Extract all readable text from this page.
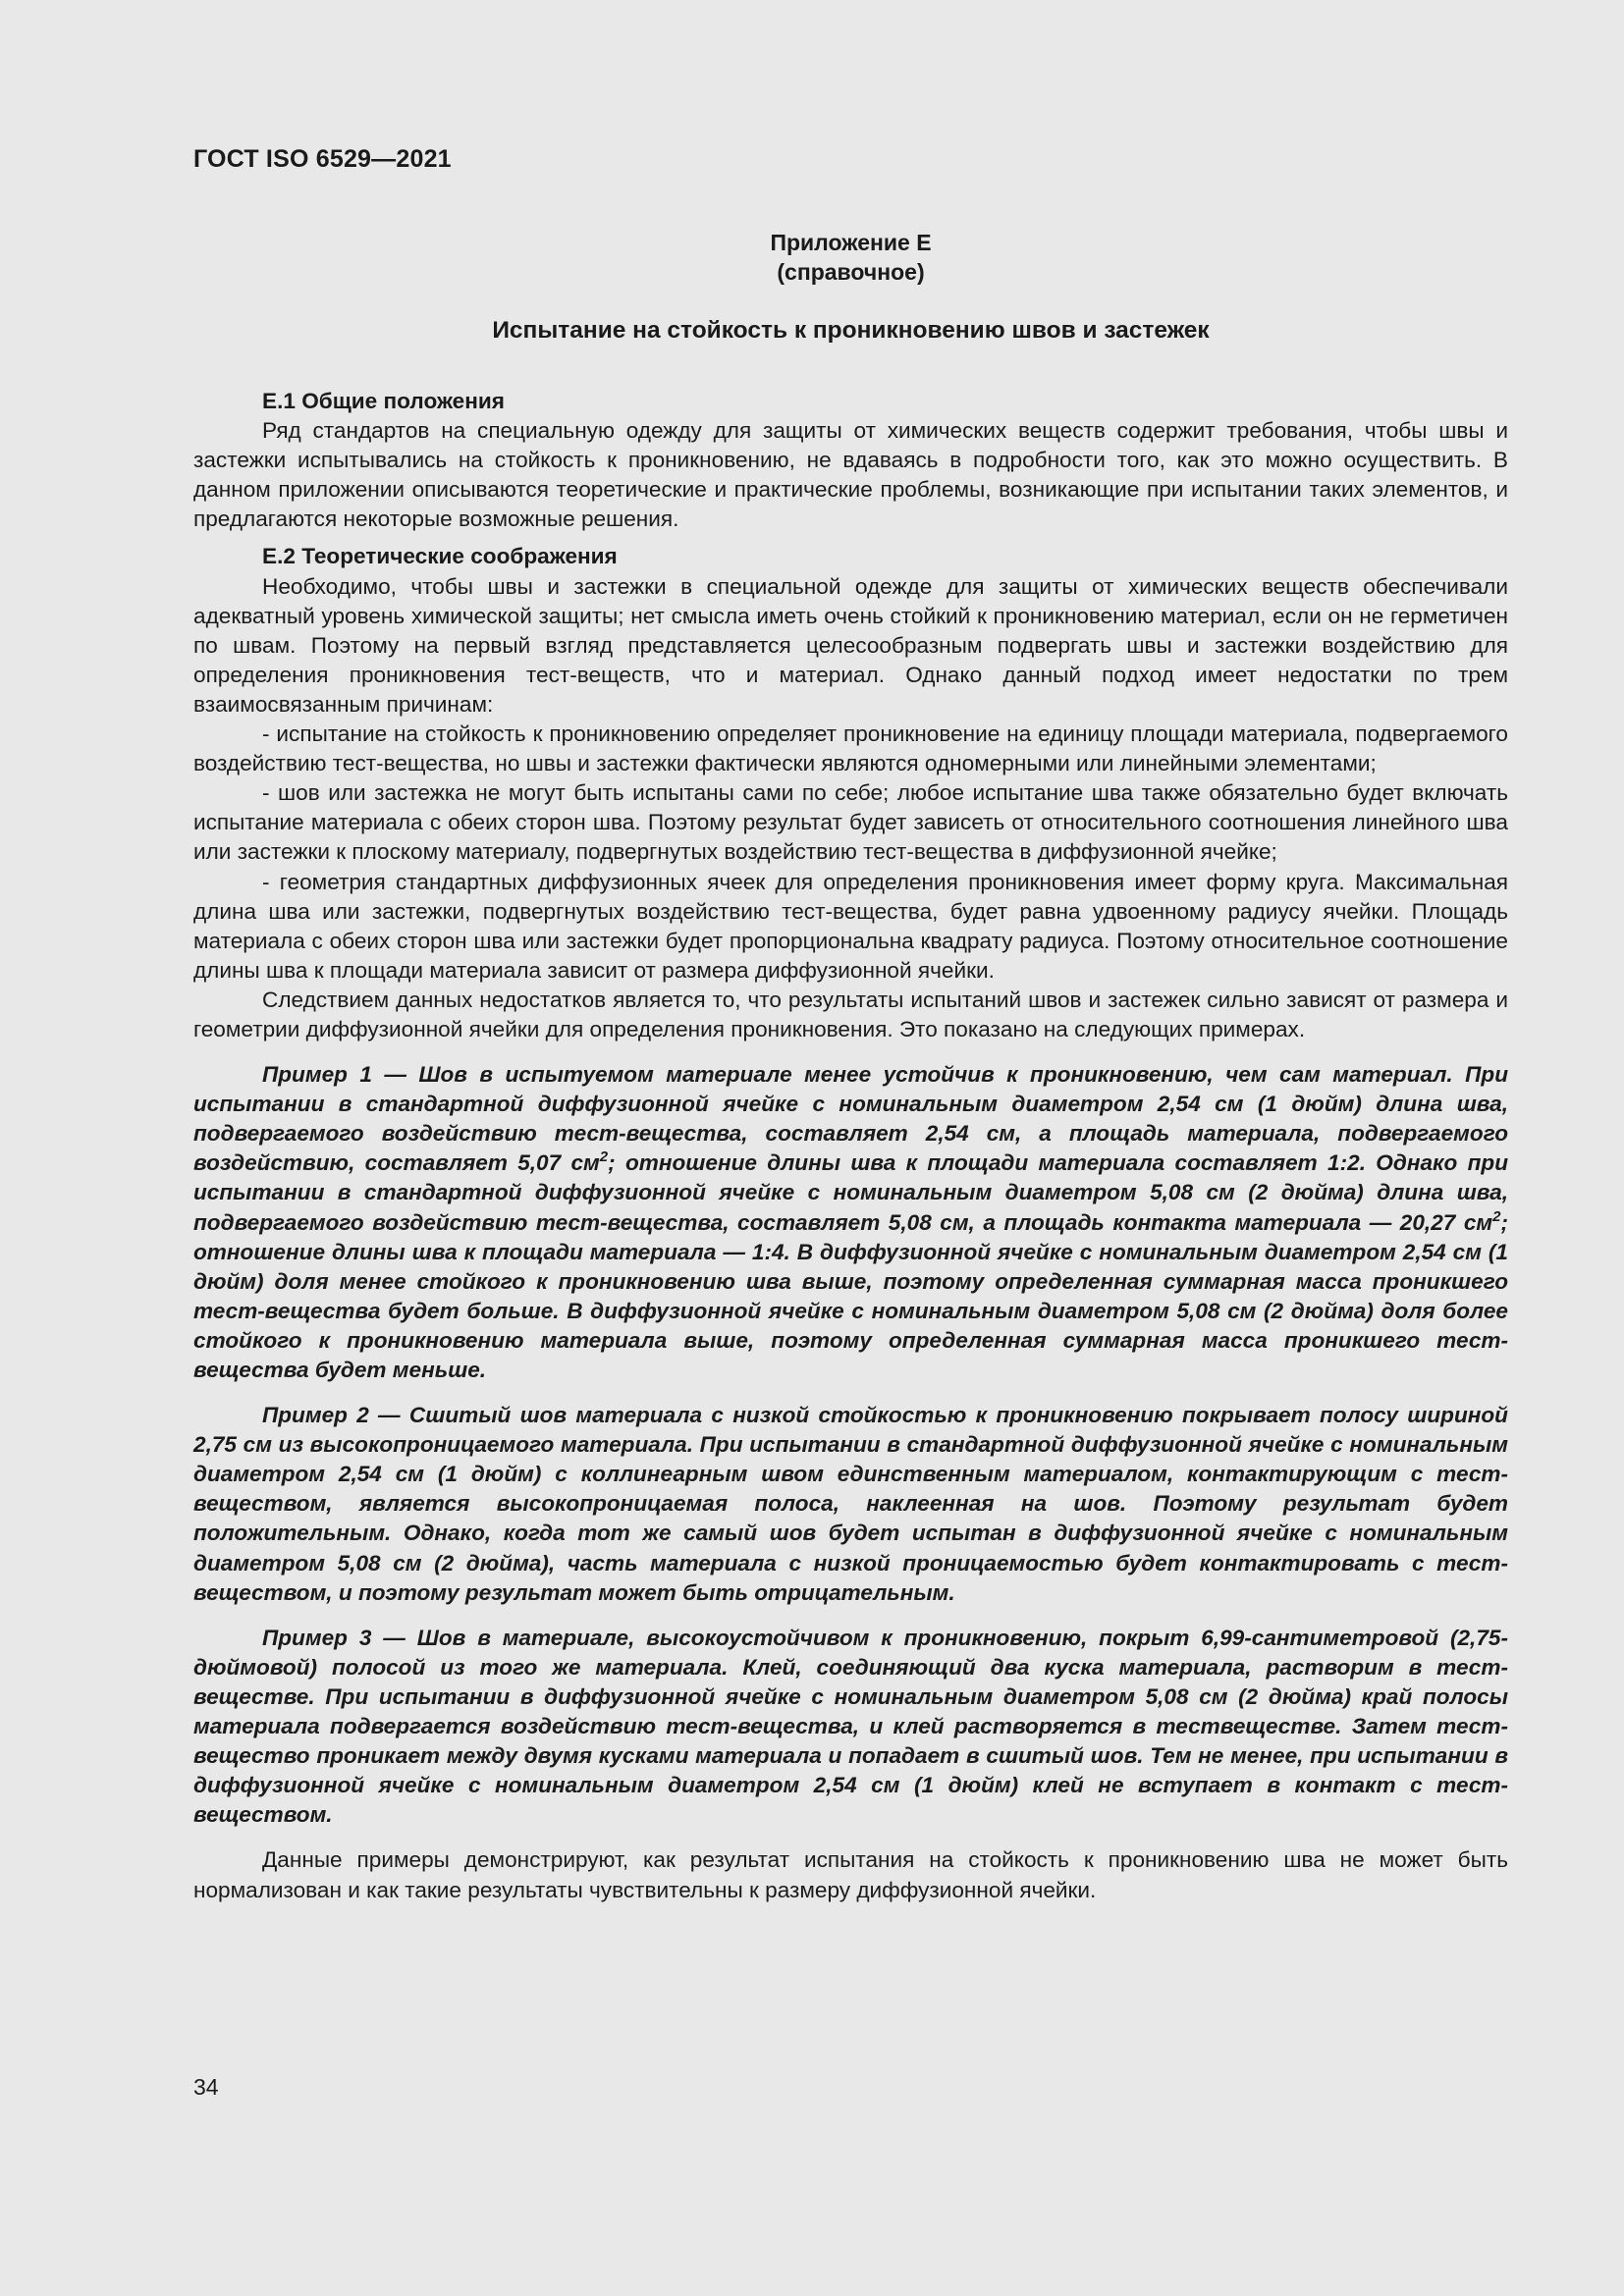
ГОСТ ISO 6529—2021

Приложение Е

(справочное)

Испытание на стойкость к проникновению швов и застежек

Е.1 Общие положения

Ряд стандартов на специальную одежду для защиты от химических веществ содержит требования, чтобы швы и застежки испытывались на стойкость к проникновению, не вдаваясь в подробности того, как это можно осуществить. В данном приложении описываются теоретические и практические проблемы, возникающие при испытании таких элементов, и предлагаются некоторые возможные решения.

Е.2 Теоретические соображения

Необходимо, чтобы швы и застежки в специальной одежде для защиты от химических веществ обеспечивали адекватный уровень химической защиты; нет смысла иметь очень стойкий к проникновению материал, если он не герметичен по швам. Поэтому на первый взгляд представляется целесообразным подвергать швы и застежки воздействию для определения проникновения тест-веществ, что и материал. Однако данный подход имеет недостатки по трем взаимосвязанным причинам:

- испытание на стойкость к проникновению определяет проникновение на единицу площади материала, подвергаемого воздействию тест-вещества, но швы и застежки фактически являются одномерными или линейными элементами;

- шов или застежка не могут быть испытаны сами по себе; любое испытание шва также обязательно будет включать испытание материала с обеих сторон шва. Поэтому результат будет зависеть от относительного соотношения линейного шва или застежки к плоскому материалу, подвергнутых воздействию тест-вещества в диффузионной ячейке;

- геометрия стандартных диффузионных ячеек для определения проникновения имеет форму круга. Максимальная длина шва или застежки, подвергнутых воздействию тест-вещества, будет равна удвоенному радиусу ячейки. Площадь материала с обеих сторон шва или застежки будет пропорциональна квадрату радиуса. Поэтому относительное соотношение длины шва к площади материала зависит от размера диффузионной ячейки.

Следствием данных недостатков является то, что результаты испытаний швов и застежек сильно зависят от размера и геометрии диффузионной ячейки для определения проникновения. Это показано на следующих примерах.

Пример 1 — Шов в испытуемом материале менее устойчив к проникновению, чем сам материал. При испытании в стандартной диффузионной ячейке с номинальным диаметром 2,54 см (1 дюйм) длина шва, подвергаемого воздействию тест-вещества, составляет 2,54 см, а площадь материала, подвергаемого воздействию, составляет 5,07 $см^2$; отношение длины шва к площади материала составляет 1:2. Однако при испытании в стандартной диффузионной ячейке с номинальным диаметром 5,08 см (2 дюйма) длина шва, подвергаемого воздействию тест-вещества, составляет 5,08 см, а площадь контакта материала — 20,27 $см^2$; отношение длины шва к площади материала — 1:4. В диффузионной ячейке с номинальным диаметром 2,54 см (1 дюйм) доля менее стойкого к проникновению шва выше, поэтому определенная суммарная масса проникшего тест-вещества будет больше. В диффузионной ячейке с номинальным диаметром 5,08 см (2 дюйма) доля более стойкого к проникновению материала выше, поэтому определенная суммарная масса проникшего тест-вещества будет меньше.

Пример 2 — Сшитый шов материала с низкой стойкостью к проникновению покрывает полосу шириной 2,75 см из высокопроницаемого материала. При испытании в стандартной диффузионной ячейке с номинальным диаметром 2,54 см (1 дюйм) с коллинеарным швом единственным материалом, контактирующим с тест-веществом, является высокопроницаемая полоса, наклеенная на шов. Поэтому результат будет положительным. Однако, когда тот же самый шов будет испытан в диффузионной ячейке с номинальным диаметром 5,08 см (2 дюйма), часть материала с низкой проницаемостью будет контактировать с тест-веществом, и поэтому результат может быть отрицательным.

Пример 3 — Шов в материале, высокоустойчивом к проникновению, покрыт 6,99-сантиметровой (2,75-дюймовой) полосой из того же материала. Клей, соединяющий два куска материала, растворим в тест-веществе. При испытании в диффузионной ячейке с номинальным диаметром 5,08 см (2 дюйма) край полосы материала подвергается воздействию тест-вещества, и клей растворяется в тествеществе. Затем тест-вещество проникает между двумя кусками материала и попадает в сшитый шов. Тем не менее, при испытании в диффузионной ячейке с номинальным диаметром 2,54 см (1 дюйм) клей не вступает в контакт с тест-веществом.

Данные примеры демонстрируют, как результат испытания на стойкость к проникновению шва не может быть нормализован и как такие результаты чувствительны к размеру диффузионной ячейки.

34
